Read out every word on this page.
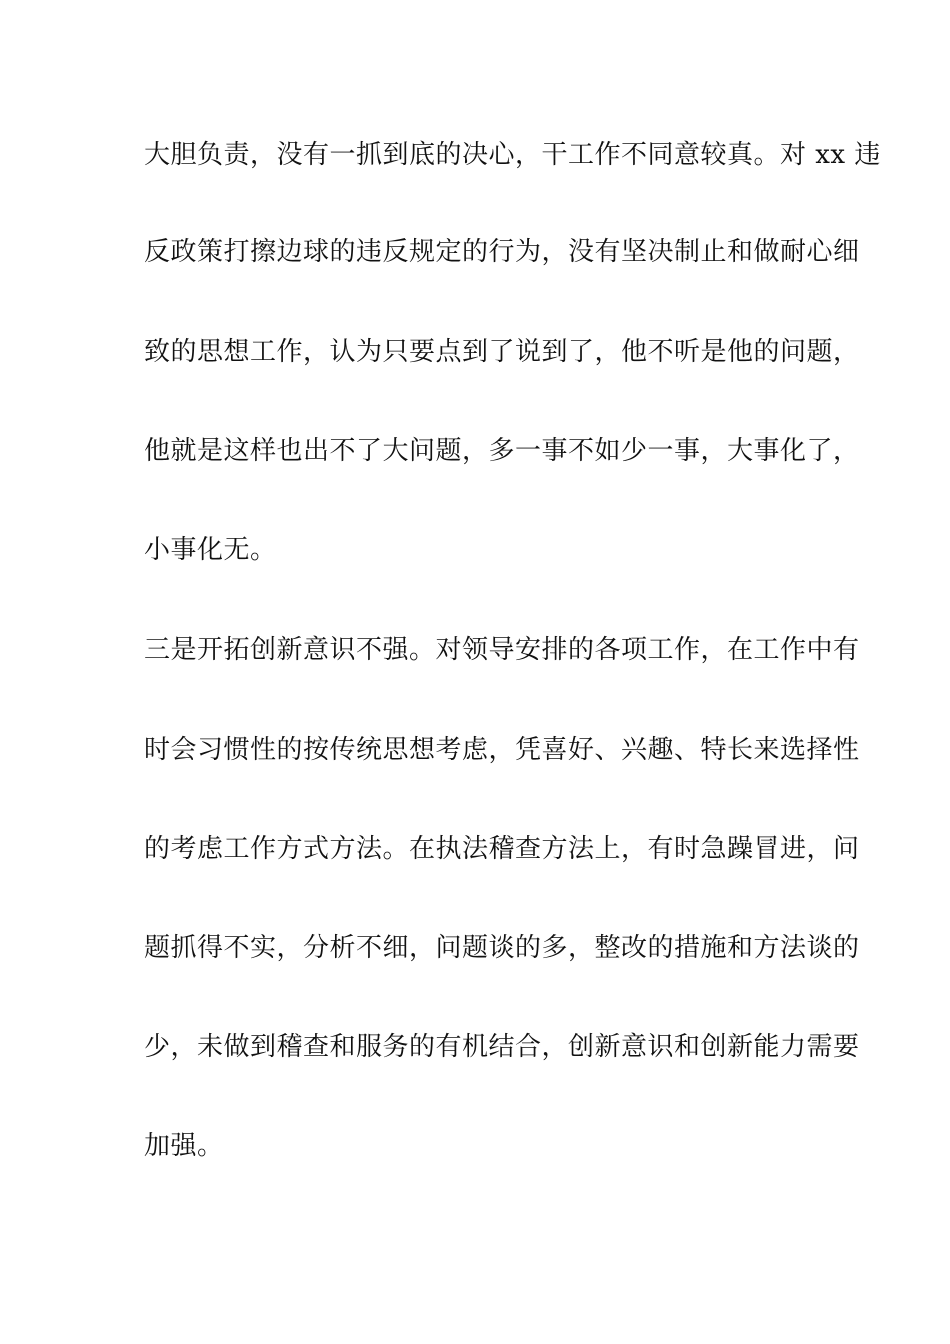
大胆负责，没有一抓到底的决心，干工作不同意较真。对 xx 违
反政策打擦边球的违反规定的行为，没有坚决制止和做耐心细
致的思想工作，认为只要点到了说到了，他不听是他的问题，
他就是这样也出不了大问题，多一事不如少一事，大事化了，
小事化无。
三是开拓创新意识不强。对领导安排的各项工作，在工作中有
时会习惯性的按传统思想考虑，凭喜好、兴趣、特长来选择性
的考虑工作方式方法。在执法稽查方法上，有时急躁冒进，问
题抓得不实，分析不细，问题谈的多，整改的措施和方法谈的
少，未做到稽查和服务的有机结合，创新意识和创新能力需要
加强。
